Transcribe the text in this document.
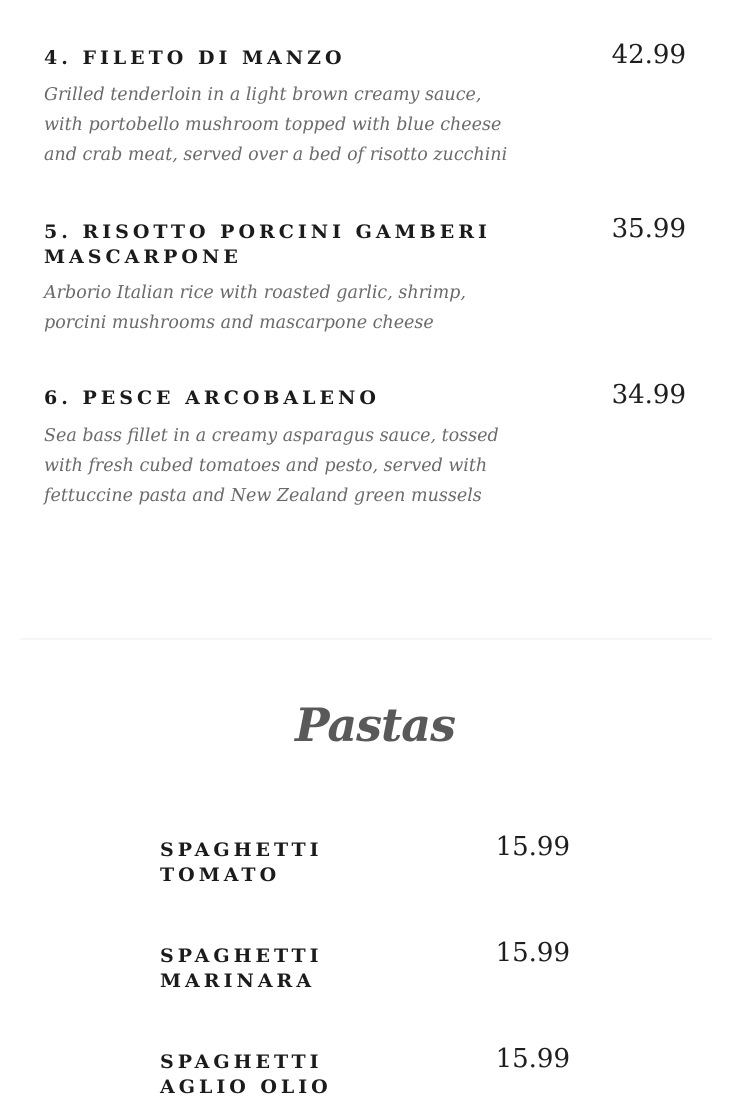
4. FILETO DI MANZO	42.99
Grilled tenderloin in a light brown creamy sauce, with portobello mushroom topped with blue cheese and crab meat, served over a bed of risotto zucchini
5. RISOTTO PORCINI GAMBERI MASCARPONE
35.99
Arborio Italian rice with roasted garlic, shrimp, porcini mushrooms and mascarpone cheese
6. PESCE ARCOBALENO	34.99
Sea bass fillet in a creamy asparagus sauce, tossed with fresh cubed tomatoes and pesto, served with fettuccine pasta and New Zealand green mussels
Pastas
SPAGHETTI TOMATO
15.99
SPAGHETTI MARINARA
15.99
SPAGHETTI AGLIO OLIO
15.99
